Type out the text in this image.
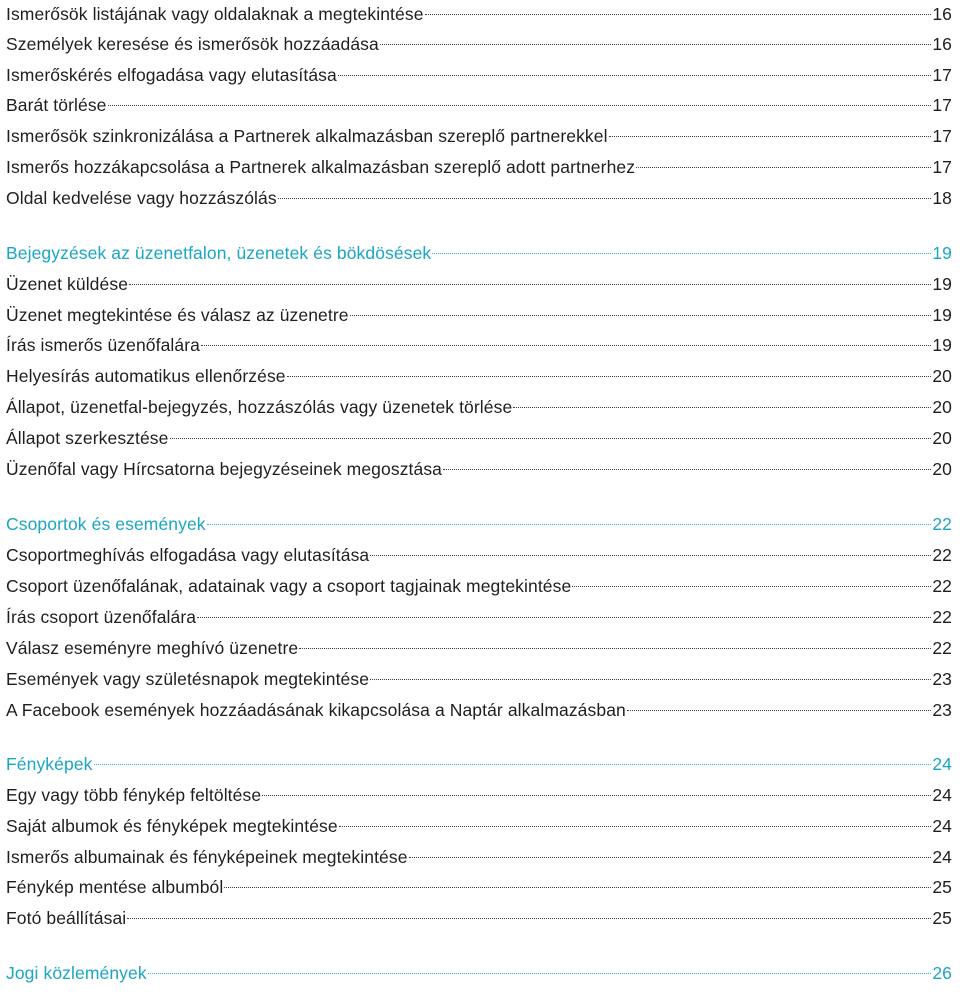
Ismerősök listájának vagy oldalaknak a megtekintése	16
Személyek keresése és ismerősök hozzáadása	16
Ismerőskérés elfogadása vagy elutasítása	17
Barát törlése	17
Ismerősök szinkronizálása a Partnerek alkalmazásban szereplő partnerekkel	17
Ismerős hozzákapcsolása a Partnerek alkalmazásban szereplő adott partnerhez	17
Oldal kedvelése vagy hozzászólás	18
Bejegyzések az üzenetfalon, üzenetek és bökdösések	19
Üzenet küldése	19
Üzenet megtekintése és válasz az üzenetre	19
Írás ismerős üzenőfalára	19
Helyesírás automatikus ellenőrzése	20
Állapot, üzenetfal-bejegyzés, hozzászólás vagy üzenetek törlése	20
Állapot szerkesztése	20
Üzenőfal vagy Hírcsatorna bejegyzéseinek megosztása	20
Csoportok és események	22
Csoportmeghívás elfogadása vagy elutasítása	22
Csoport üzenőfalának, adatainak vagy a csoport tagjainak megtekintése	22
Írás csoport üzenőfalára	22
Válasz eseményre meghívó üzenetre	22
Események vagy születésnapok megtekintése	23
A Facebook események hozzáadásának kikapcsolása a Naptár alkalmazásban	23
Fényképek	24
Egy vagy több fénykép feltöltése	24
Saját albumok és fényképek megtekintése	24
Ismerős albumainak és fényképeinek megtekintése	24
Fénykép mentése albumból	25
Fotó beállításai	25
Jogi közlemények	26
